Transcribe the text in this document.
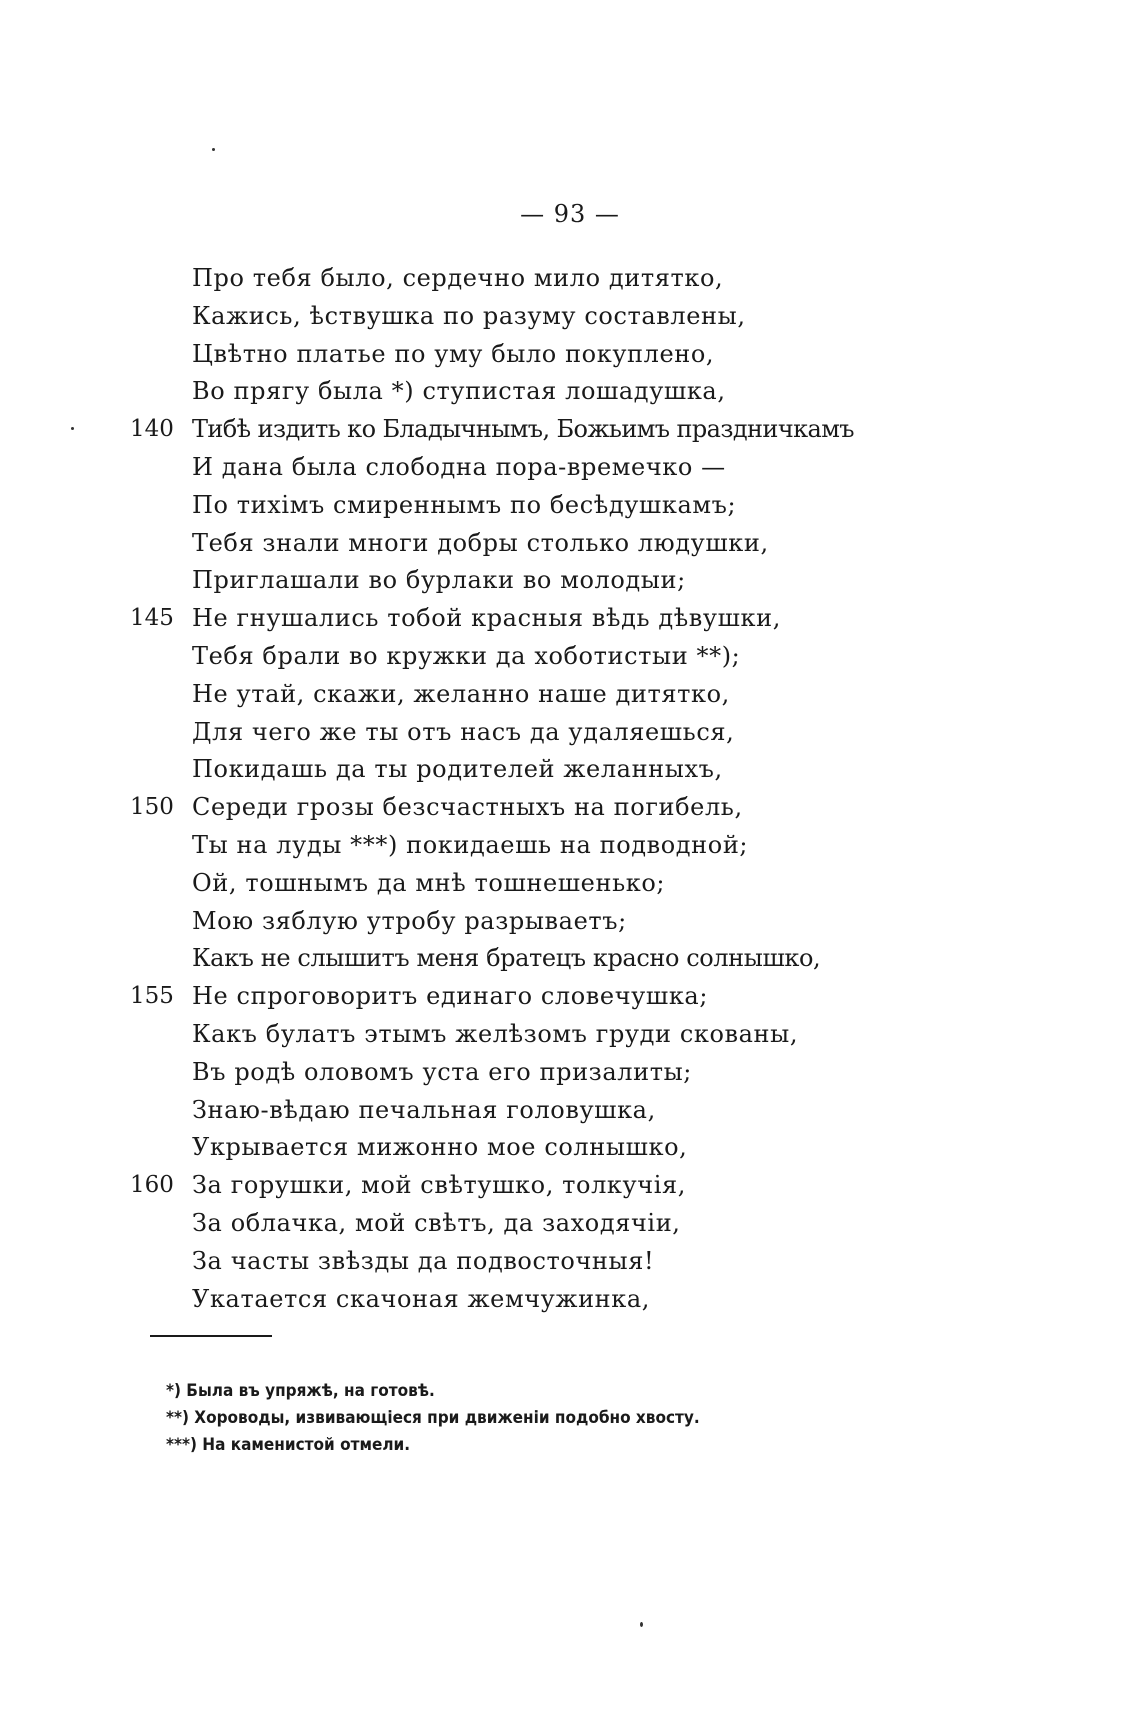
— 93 —
Про тебя было, сердечно мило дитятко,
Кажись, ѣствушка по разуму составлены,
Цвѣтно платье по уму было покуплено,
Во прягу была *) ступистая лошадушка,
140 Тибѣ издить ко Бладычнымъ, Божьимъ праздничкамъ
И дана была слободна пора-времечко —
По тихімъ смиреннымъ по бесѣдушкамъ;
Тебя знали многи добры столько людушки,
Приглашали во бурлаки во молодыи;
145 Не гнушались тобой красныя вѣдь дѣвушки,
Тебя брали во кружки да хоботистыи **);
Не утай, скажи, желанно наше дитятко,
Для чего же ты отъ насъ да удаляешься,
Покидашь да ты родителей желанныхъ,
150 Середи грозы безсчастныхъ на погибель,
Ты на луды ***) покидаешь на подводной;
Ой, тошнымъ да мнѣ тошнешенько;
Мою зяблую утробу разрываетъ;
Какъ не слышитъ меня братецъ красно солнышко,
155 Не спроговоритъ единаго словечушка;
Какъ булатъ этымъ желѣзомъ груди скованы,
Въ родѣ оловомъ уста его призалиты;
Знаю-вѣдаю печальная головушка,
Укрывается мижонно мое солнышко,
160 За горушки, мой свѣтушко, толкучія,
За облачка, мой свѣтъ, да заходячіи,
За часты звѣзды да подвосточныя!
Укатается скачоная жемчужинка,
*) Была въ упряжѣ, на готовѣ.
**) Хороводы, извивающіеся при движеніи подобно хвосту.
***) На каменистой отмели.
